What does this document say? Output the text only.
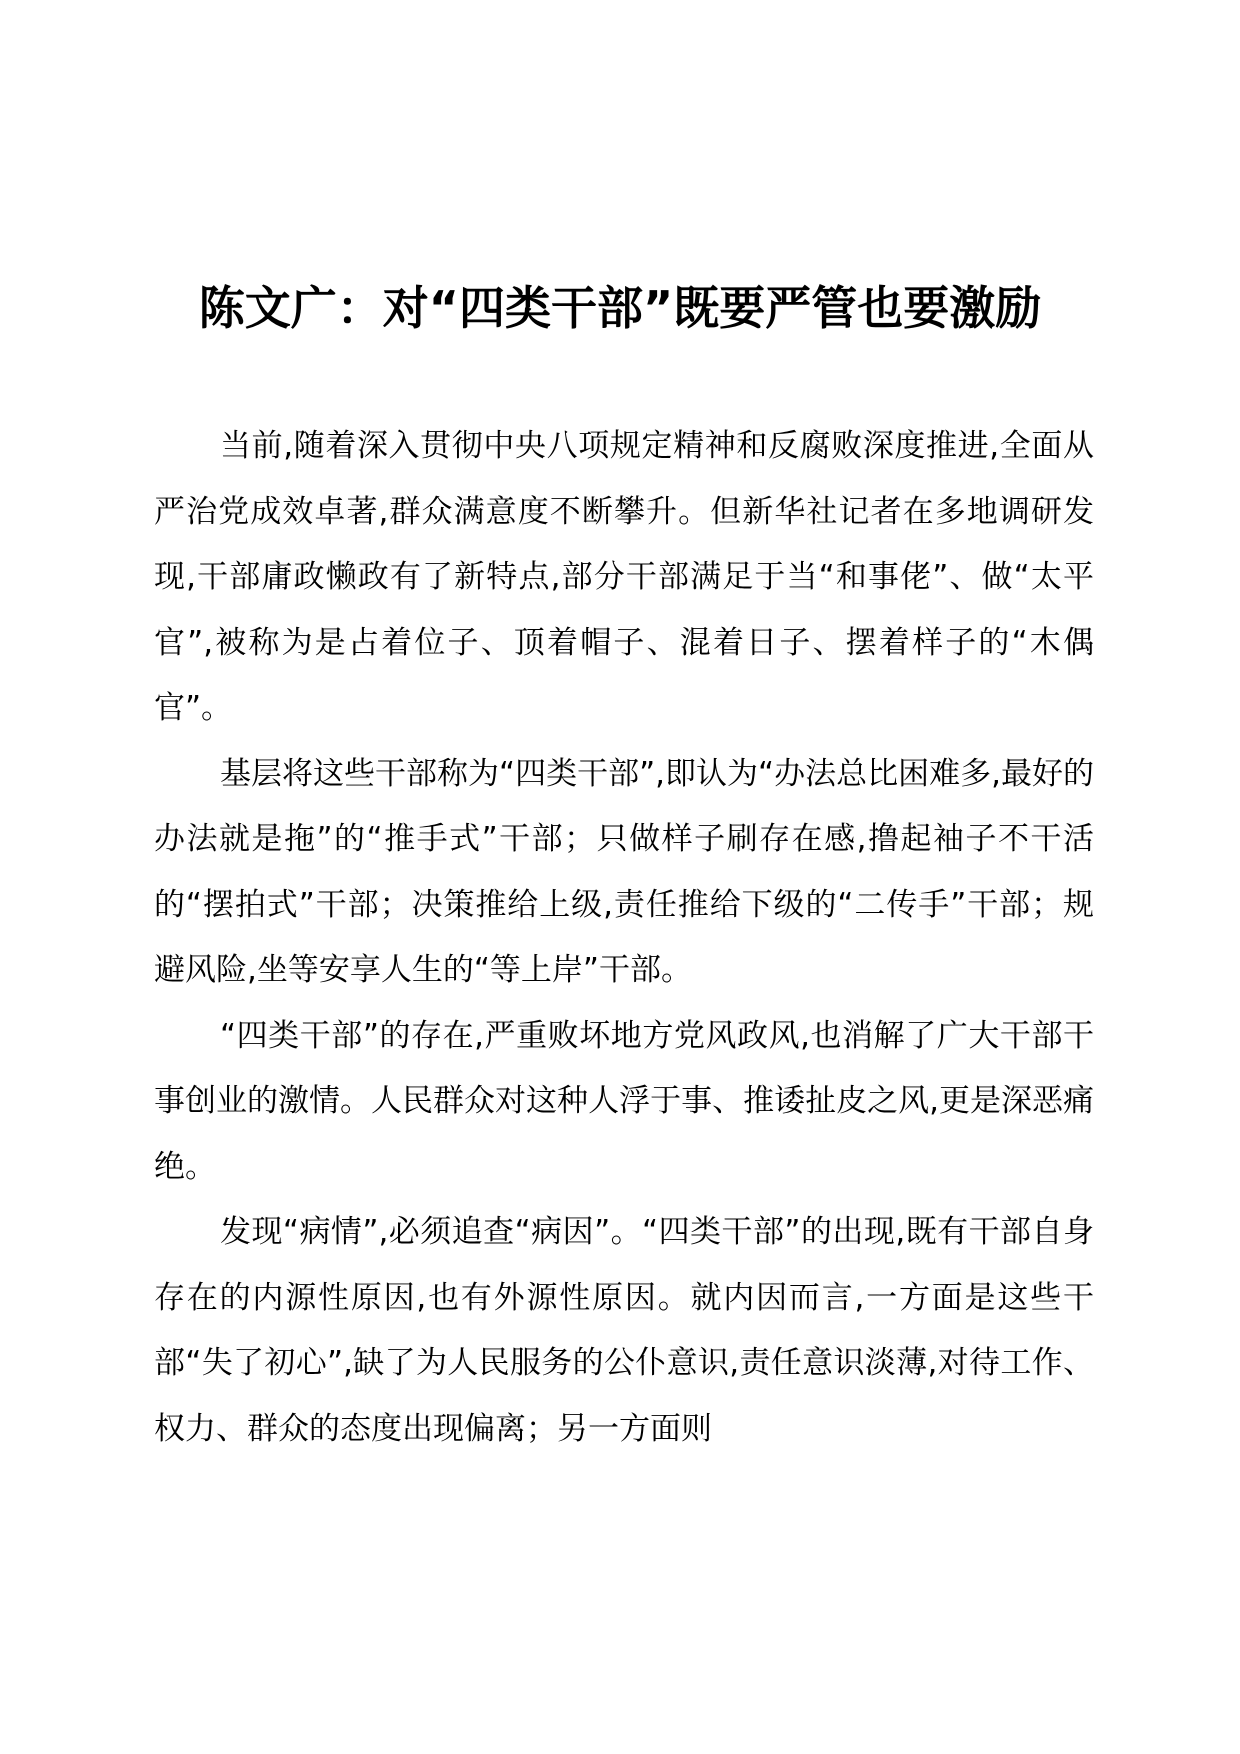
陈文广：对“四类干部”既要严管也要激励

当前,随着深入贯彻中央八项规定精神和反腐败深度推进,全面从严治党成效卓著,群众满意度不断攀升。但新华社记者在多地调研发现,干部庸政懒政有了新特点,部分干部满足于当“和事佬”、做“太平官”,被称为是占着位子、顶着帽子、混着日子、摆着样子的“木偶官”。

基层将这些干部称为“四类干部”,即认为“办法总比困难多,最好的办法就是拖”的“推手式”干部；只做样子刷存在感,撸起袖子不干活的“摆拍式”干部；决策推给上级,责任推给下级的“二传手”干部；规避风险,坐等安享人生的“等上岸”干部。

“四类干部”的存在,严重败坏地方党风政风,也消解了广大干部干事创业的激情。人民群众对这种人浮于事、推诿扯皮之风,更是深恶痛绝。

发现“病情”,必须追查“病因”。“四类干部”的出现,既有干部自身存在的内源性原因,也有外源性原因。就内因而言,一方面是这些干部“失了初心”,缺了为人民服务的公仆意识,责任意识淡薄,对待工作、权力、群众的态度出现偏离；另一方面则
